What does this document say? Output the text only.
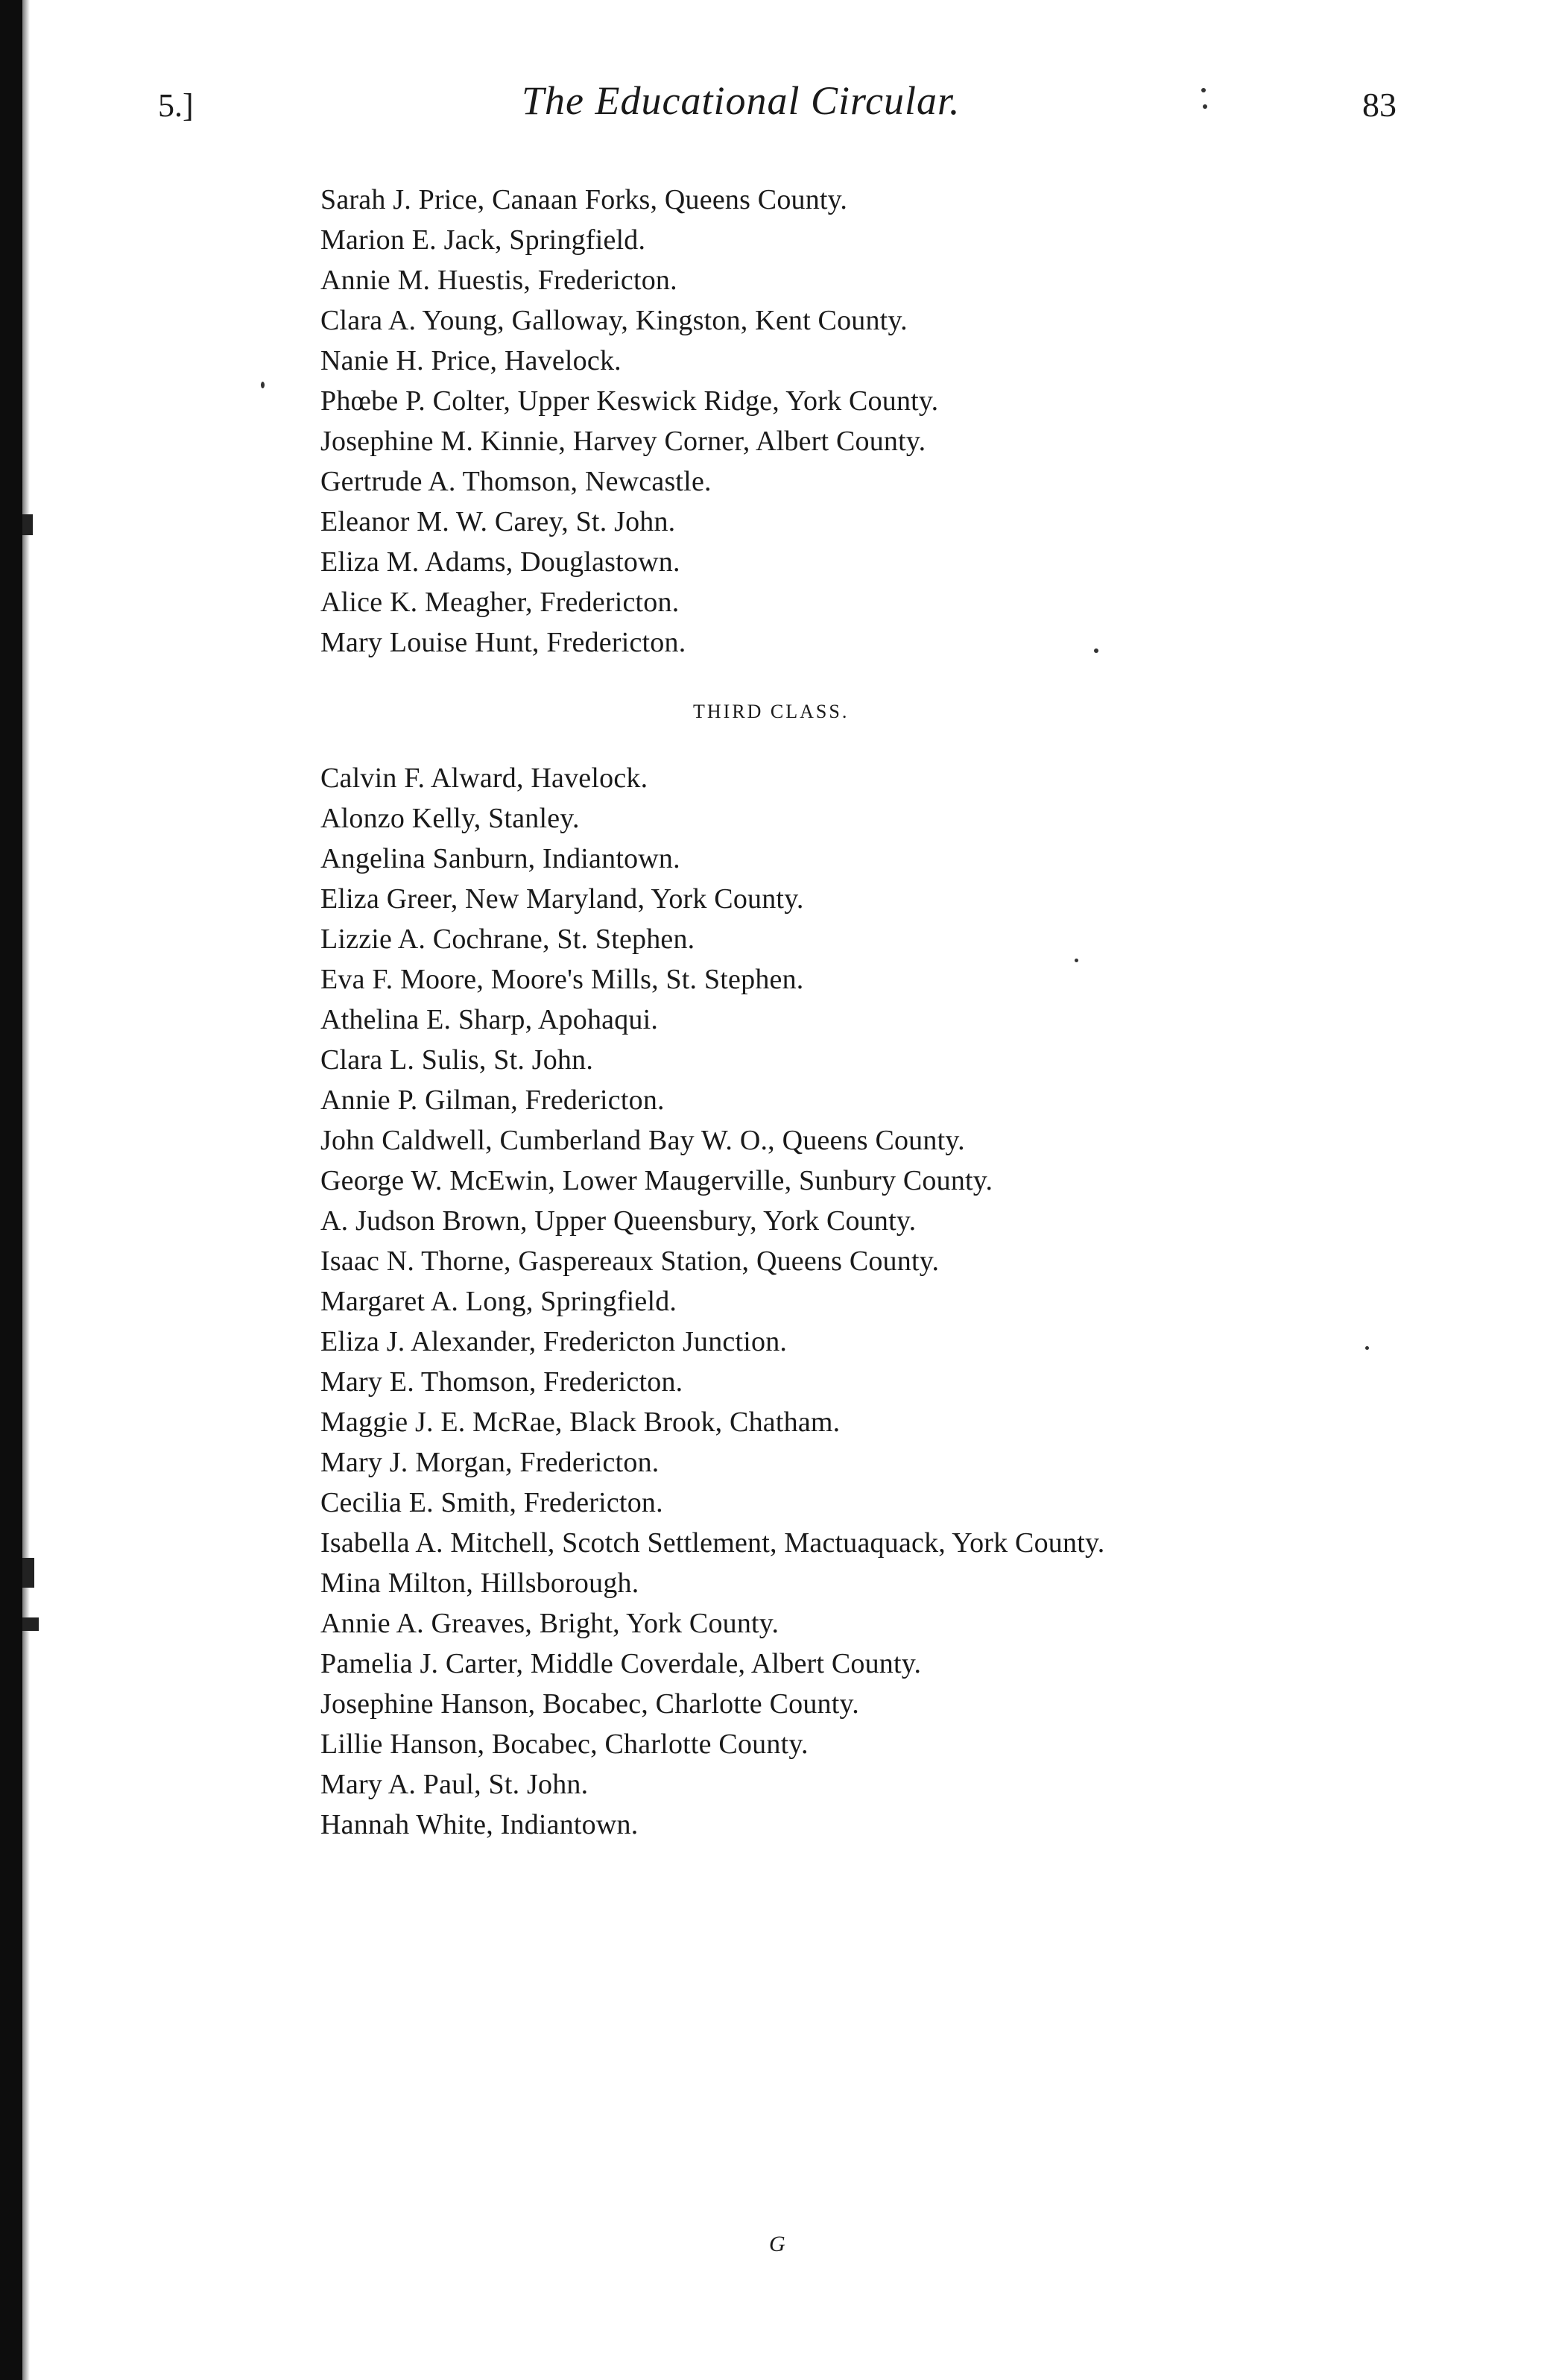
5.]	The Educational Circular.	83
Sarah J. Price, Canaan Forks, Queens County.
Marion E. Jack, Springfield.
Annie M. Huestis, Fredericton.
Clara A. Young, Galloway, Kingston, Kent County.
Nanie H. Price, Havelock.
Phœbe P. Colter, Upper Keswick Ridge, York County.
Josephine M. Kinnie, Harvey Corner, Albert County.
Gertrude A. Thomson, Newcastle.
Eleanor M. W. Carey, St. John.
Eliza M. Adams, Douglastown.
Alice K. Meagher, Fredericton.
Mary Louise Hunt, Fredericton.
THIRD CLASS.
Calvin F. Alward, Havelock.
Alonzo Kelly, Stanley.
Angelina Sanburn, Indiantown.
Eliza Greer, New Maryland, York County.
Lizzie A. Cochrane, St. Stephen.
Eva F. Moore, Moore's Mills, St. Stephen.
Athelina E. Sharp, Apohaqui.
Clara L. Sulis, St. John.
Annie P. Gilman, Fredericton.
John Caldwell, Cumberland Bay W. O., Queens County.
George W. McEwin, Lower Maugerville, Sunbury County.
A. Judson Brown, Upper Queensbury, York County.
Isaac N. Thorne, Gaspereaux Station, Queens County.
Margaret A. Long, Springfield.
Eliza J. Alexander, Fredericton Junction.
Mary E. Thomson, Fredericton.
Maggie J. E. McRae, Black Brook, Chatham.
Mary J. Morgan, Fredericton.
Cecilia E. Smith, Fredericton.
Isabella A. Mitchell, Scotch Settlement, Mactuaquack, York County.
Mina Milton, Hillsborough.
Annie A. Greaves, Bright, York County.
Pamelia J. Carter, Middle Coverdale, Albert County.
Josephine Hanson, Bocabec, Charlotte County.
Lillie Hanson, Bocabec, Charlotte County.
Mary A. Paul, St. John.
Hannah White, Indiantown.
G
